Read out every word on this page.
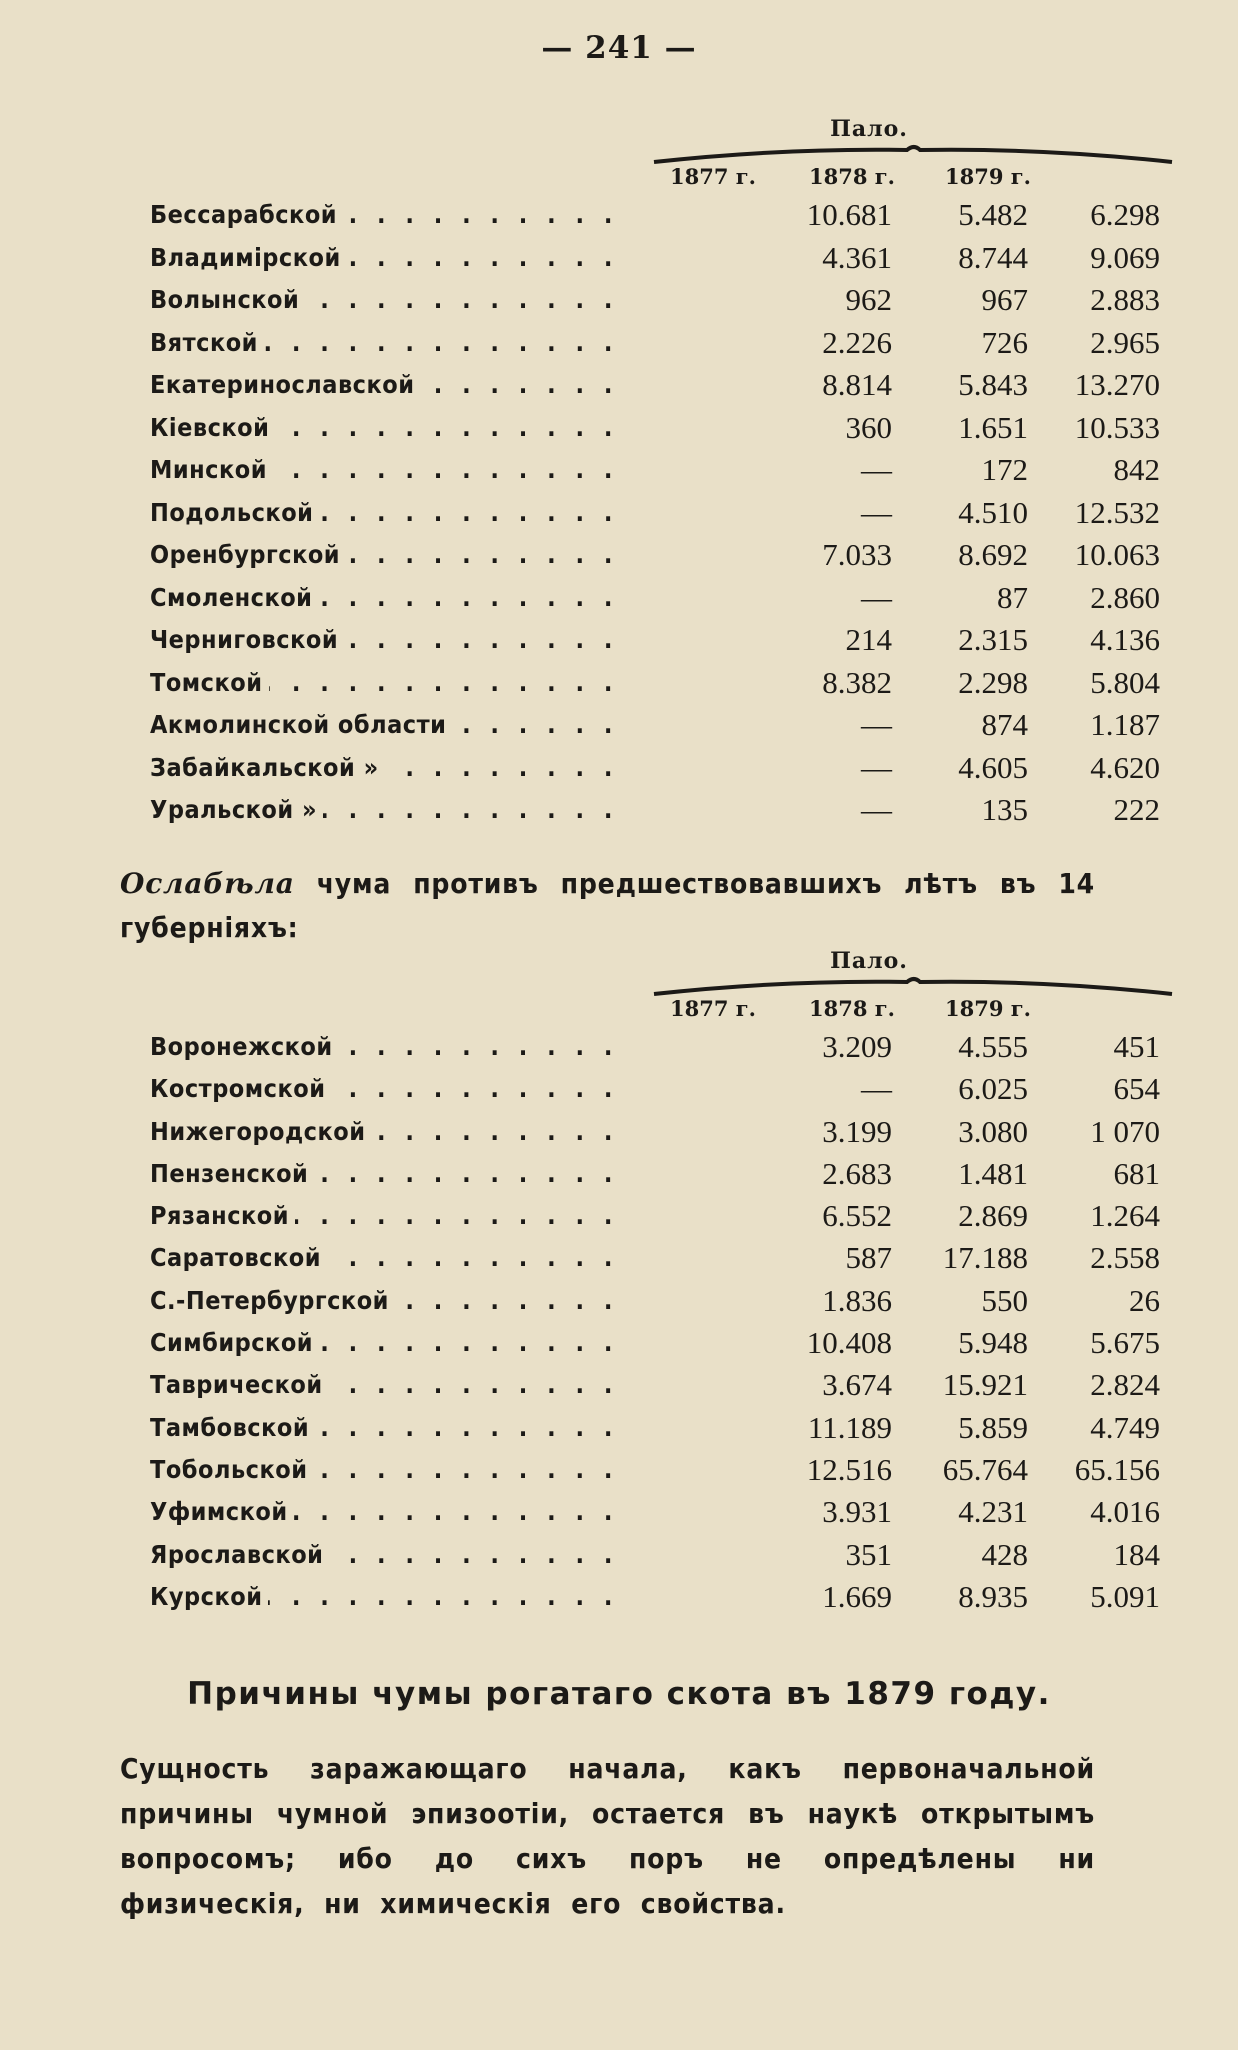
— 241 —
Пало.
1877 г.	1878 г.	1879 г.
Бессарабской . . .	10.681	5.482	6.298
Владимірской . . .	4.361	8.744	9.069
Волынской . . .	962	967	2.883
Вятской . . .	2.226	726	2.965
Екатеринославской . . .	8.814	5.843	13.270
Кіевской . . .	360	1.651	10.533
Минской . . .	—	172	842
Подольской . . .	—	4.510	12.532
Оренбургской . . .	7.033	8.692	10.063
Смоленской . . .	—	87	2.860
Черниговской . . .	214	2.315	4.136
Томской . . .	8.382	2.298	5.804
Акмолинской области . . .	—	874	1.187
Забайкальской » . . .	—	4.605	4.620
Уральской » . . .	—	135	222
Ослабѣла чума противъ предшествовавшихъ лѣтъ въ 14 губерніяхъ:
Пало.
1877 г.	1878 г.	1879 г.
Воронежской . . .	3.209	4.555	451
Костромской . . .	—	6.025	654
Нижегородской . . .	3.199	3.080	1 070
Пензенской . . .	2.683	1.481	681
Рязанской . . .	6.552	2.869	1.264
Саратовской . . .	587	17.188	2.558
С.-Петербургской . . .	1.836	550	26
Симбирской . . .	10.408	5.948	5.675
Таврической . . .	3.674	15.921	2.824
Тамбовской . . .	11.189	5.859	4.749
Тобольской . . .	12.516	65.764	65.156
Уфимской . . .	3.931	4.231	4.016
Ярославской . . .	351	428	184
Курской . . .	1.669	8.935	5.091
Причины чумы рогатаго скота въ 1879 году.
Сущность заражающаго начала, какъ первоначальной причины чумной эпизоотіи, остается въ наукѣ открытымъ вопросомъ; ибо до сихъ поръ не опредѣлены ни физическія, ни химическія его свойства.
